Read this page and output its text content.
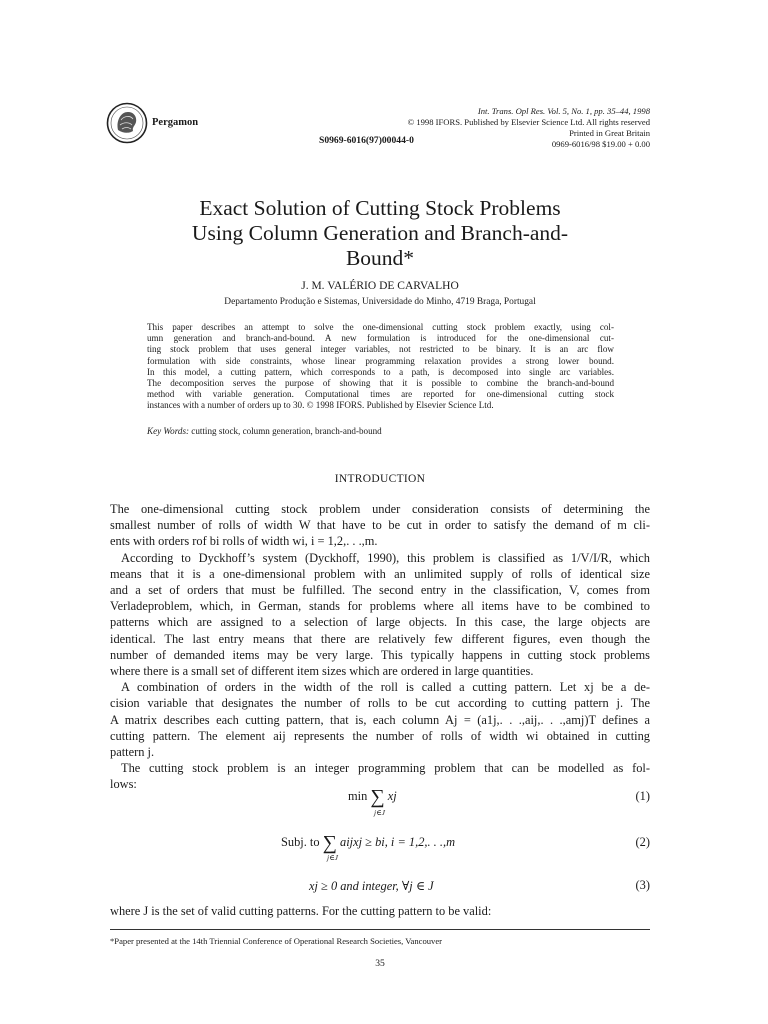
Pergamon
Int. Trans. Opl Res. Vol. 5, No. 1, pp. 35–44, 1998
© 1998 IFORS. Published by Elsevier Science Ltd. All rights reserved
Printed in Great Britain
0969-6016/98 $19.00 + 0.00
S0969-6016(97)00044-0
Exact Solution of Cutting Stock Problems
Using Column Generation and Branch-and-
Bound*
J. M. VALÉRIO DE CARVALHO
Departamento Produção e Sistemas, Universidade do Minho, 4719 Braga, Portugal
This paper describes an attempt to solve the one-dimensional cutting stock problem exactly, using col-
umn generation and branch-and-bound. A new formulation is introduced for the one-dimensional cut-
ting stock problem that uses general integer variables, not restricted to be binary. It is an arc flow
formulation with side constraints, whose linear programming relaxation provides a strong lower bound.
In this model, a cutting pattern, which corresponds to a path, is decomposed into single arc variables.
The decomposition serves the purpose of showing that it is possible to combine the branch-and-bound
method with variable generation. Computational times are reported for one-dimensional cutting stock
instances with a number of orders up to 30. © 1998 IFORS. Published by Elsevier Science Ltd.
Key Words: cutting stock, column generation, branch-and-bound
INTRODUCTION
The one-dimensional cutting stock problem under consideration consists of determining the
smallest number of rolls of width W that have to be cut in order to satisfy the demand of m cli-
ents with orders rof bi rolls of width wi, i = 1,2,. . .,m.
According to Dyckhoff’s system (Dyckhoff, 1990), this problem is classified as 1/V/I/R, which
means that it is a one-dimensional problem with an unlimited supply of rolls of identical size
and a set of orders that must be fulfilled. The second entry in the classification, V, comes from
Verladeproblem, which, in German, stands for problems where all items have to be combined to
patterns which are assigned to a selection of large objects. In this case, the large objects are
identical. The last entry means that there are relatively few different figures, even though the
number of demanded items may be very large. This typically happens in cutting stock problems
where there is a small set of different item sizes which are ordered in large quantities.
A combination of orders in the width of the roll is called a cutting pattern. Let xj be a de-
cision variable that designates the number of rolls to be cut according to cutting pattern j. The
A matrix describes each cutting pattern, that is, each column Aj = (a1j,. . .,aij,. . .,amj)T defines a
cutting pattern. The element aij represents the number of rolls of width wi obtained in cutting
pattern j.
The cutting stock problem is an integer programming problem that can be modelled as fol-
lows:
min ∑ xj
j∈J
(1)
Subj. to ∑ aijxj ≥ bi, i = 1,2,. . .,m
j∈J
(2)
xj ≥ 0 and integer, ∀j ∈ J	(3)
where J is the set of valid cutting patterns. For the cutting pattern to be valid:
*Paper presented at the 14th Triennial Conference of Operational Research Societies, Vancouver
35
